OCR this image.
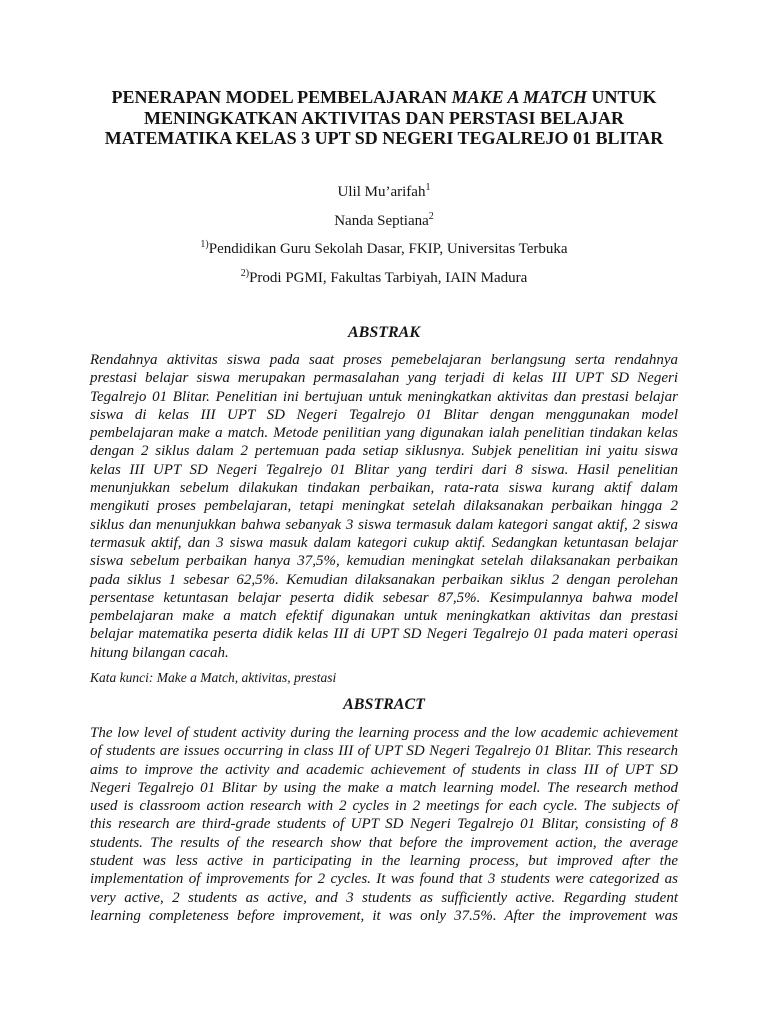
PENERAPAN MODEL PEMBELAJARAN MAKE A MATCH UNTUK
MENINGKATKAN AKTIVITAS DAN PERSTASI BELAJAR
MATEMATIKA KELAS 3 UPT SD NEGERI TEGALREJO 01 BLITAR
Ulil Mu’arifah$^1$
Nanda Septiana$^2$
$^{1)}$Pendidikan Guru Sekolah Dasar, FKIP, Universitas Terbuka
$^{2)}$Prodi PGMI, Fakultas Tarbiyah, IAIN Madura
ABSTRAK
Rendahnya aktivitas siswa pada saat proses pemebelajaran berlangsung serta rendahnya
prestasi belajar siswa merupakan permasalahan yang terjadi di kelas III UPT SD Negeri
Tegalrejo 01 Blitar. Penelitian ini bertujuan untuk meningkatkan aktivitas dan prestasi belajar
siswa di kelas III UPT SD Negeri Tegalrejo 01 Blitar dengan menggunakan model
pembelajaran make a match. Metode penilitian yang digunakan ialah penelitian tindakan kelas
dengan 2 siklus dalam 2 pertemuan pada setiap siklusnya. Subjek penelitian ini yaitu siswa
kelas III UPT SD Negeri Tegalrejo 01 Blitar yang terdiri dari 8 siswa. Hasil penelitian
menunjukkan sebelum dilakukan tindakan perbaikan, rata-rata siswa kurang aktif dalam
mengikuti proses pembelajaran, tetapi meningkat setelah dilaksanakan perbaikan hingga 2
siklus dan menunjukkan bahwa sebanyak 3 siswa termasuk dalam kategori sangat aktif, 2 siswa
termasuk aktif, dan 3 siswa masuk dalam kategori cukup aktif. Sedangkan ketuntasan belajar
siswa sebelum perbaikan hanya 37,5%, kemudian meningkat setelah dilaksanakan perbaikan
pada siklus 1 sebesar 62,5%. Kemudian dilaksanakan perbaikan siklus 2 dengan perolehan
persentase ketuntasan belajar peserta didik sebesar 87,5%. Kesimpulannya bahwa model
pembelajaran make a match efektif digunakan untuk meningkatkan aktivitas dan prestasi
belajar matematika peserta didik kelas III di UPT SD Negeri Tegalrejo 01 pada materi operasi
hitung bilangan cacah.
Kata kunci: Make a Match, aktivitas, prestasi
ABSTRACT
The low level of student activity during the learning process and the low academic achievement
of students are issues occurring in class III of UPT SD Negeri Tegalrejo 01 Blitar. This research
aims to improve the activity and academic achievement of students in class III of UPT SD
Negeri Tegalrejo 01 Blitar by using the make a match learning model. The research method
used is classroom action research with 2 cycles in 2 meetings for each cycle. The subjects of
this research are third-grade students of UPT SD Negeri Tegalrejo 01 Blitar, consisting of 8
students. The results of the research show that before the improvement action, the average
student was less active in participating in the learning process, but improved after the
implementation of improvements for 2 cycles. It was found that 3 students were categorized as
very active, 2 students as active, and 3 students as sufficiently active. Regarding student
learning completeness before improvement, it was only 37.5%. After the improvement was
